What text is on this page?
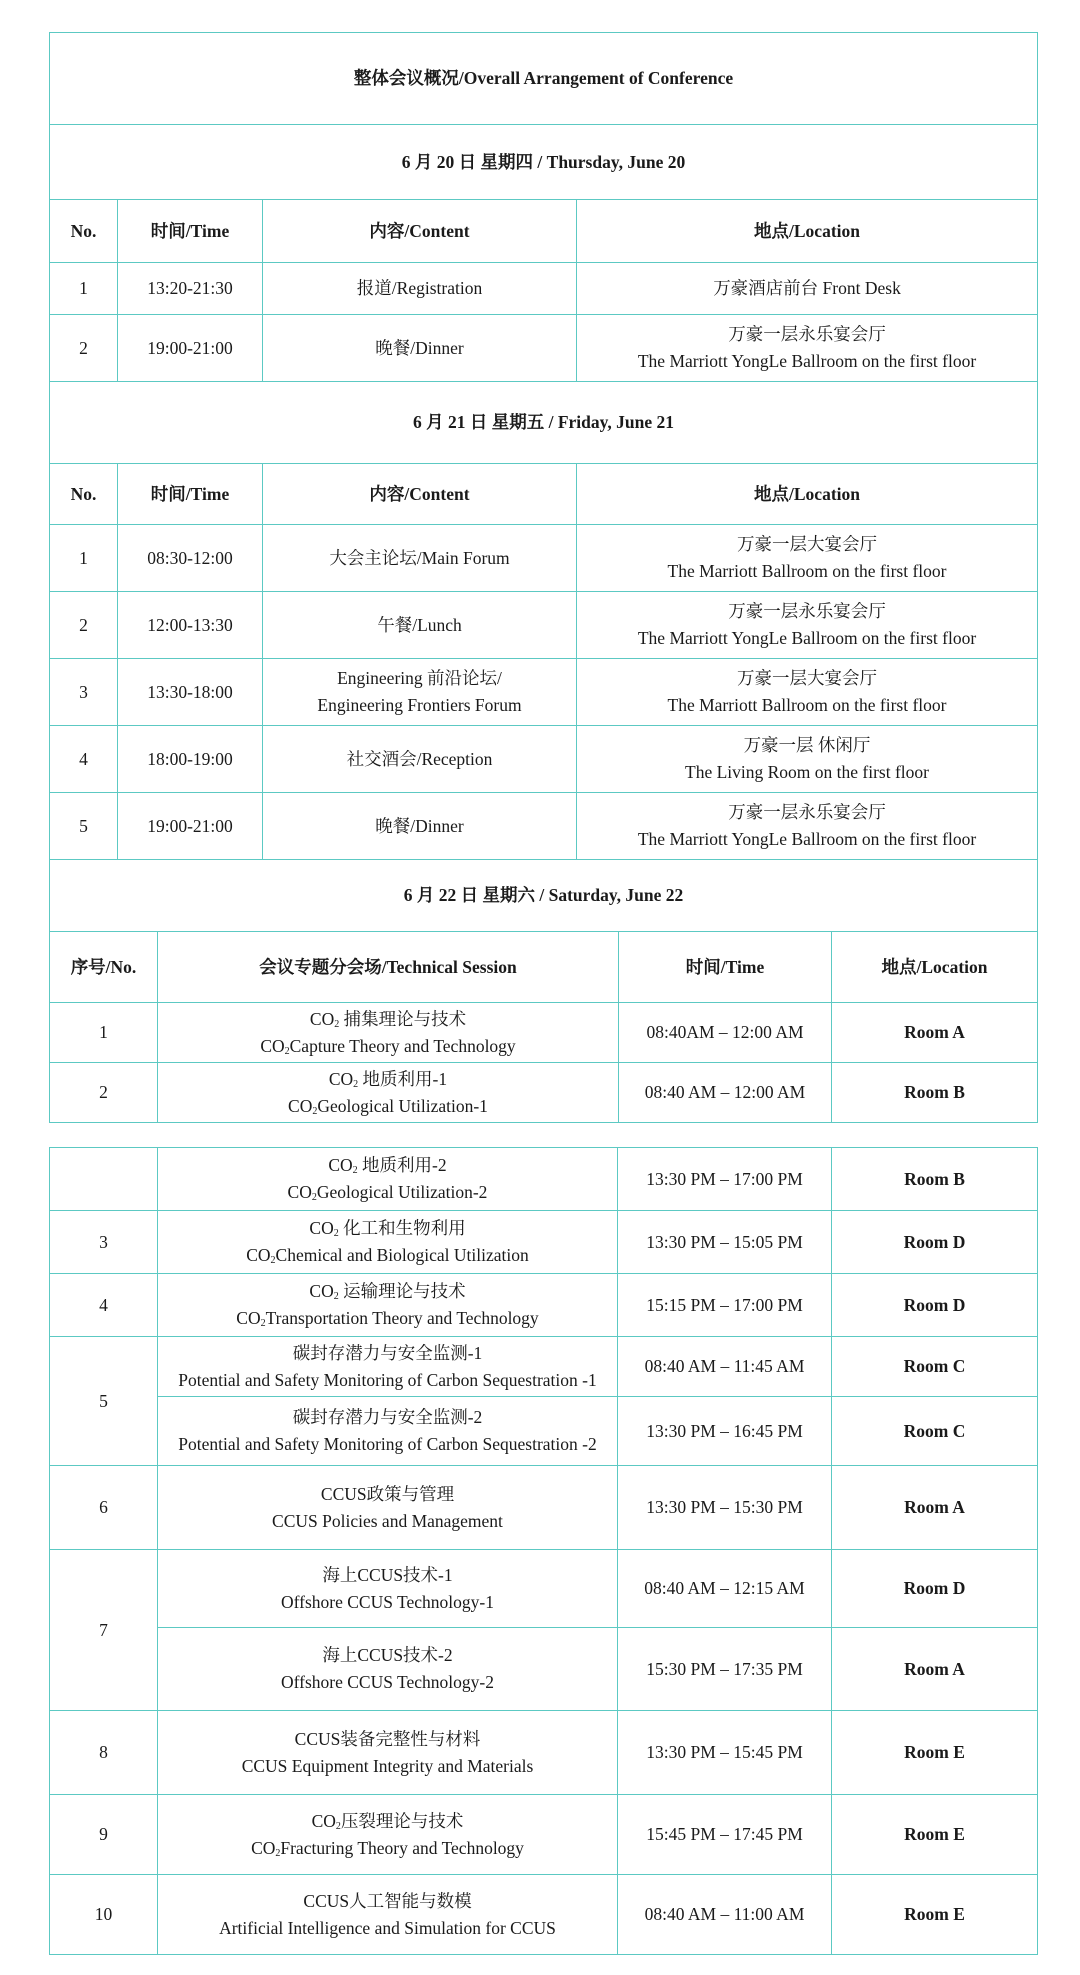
整体会议概况/Overall Arrangement of Conference						
6 月 20 日 星期四 / Thursday, June 20						
No.	时间/Time		内容/Content	地点/Location		
1	13:20-21:30		报道/Registration	万豪酒店前台 Front Desk		
2	19:00-21:00		晚餐/Dinner	万豪一层永乐宴会厅
The Marriott YongLe Ballroom on the first floor		

6 月 21 日 星期五 / Friday, June 21						
No.	时间/Time		内容/Content	地点/Location		
1	08:30-12:00		大会主论坛/Main Forum	万豪一层大宴会厅
The Marriott Ballroom on the first floor		

2	12:00-13:30		午餐/Lunch	万豪一层永乐宴会厅
The Marriott YongLe Ballroom on the first floor		

3	13:30-18:00		Engineering 前沿论坛/
Engineering Frontiers Forum	万豪一层大宴会厅
The Marriott Ballroom on the first floor		

4	18:00-19:00		社交酒会/Reception	万豪一层 休闲厅
The Living Room on the first floor		

5	19:00-21:00		晚餐/Dinner	万豪一层永乐宴会厅
The Marriott YongLe Ballroom on the first floor		

6 月 22 日 星期六 / Saturday, June 22						
序号/No.		会议专题分会场/Technical Session			时间/Time	地点/Location
1		$CO_2$ 捕集理论与技术
$CO_2Capture$ Theory and Technology			08:40AM – 12:00 AM	Room A
2		$CO_2$ 地质利用-1
$CO_2Geological$ Utilization-1			08:40 AM – 12:00 AM	Room B

	$CO_2$ 地质利用-2
$CO_2Geological$ Utilization-2	13:30 PM – 17:00 PM	Room B
3	$CO_2$ 化工和生物利用
$CO_2Chemical$ and Biological Utilization	13:30 PM – 15:05 PM	Room D
4	$CO_2$ 运输理论与技术
$CO_2Transportation$ Theory and Technology	15:15 PM – 17:00 PM	Room D
5	碳封存潜力与安全监测-1
Potential and Safety Monitoring of Carbon Sequestration -1	08:40 AM – 11:45 AM	Room C

	碳封存潜力与安全监测-2
Potential and Safety Monitoring of Carbon Sequestration -2	13:30 PM – 16:45 PM	Room C
6	CCUS政策与管理
CCUS Policies and Management	13:30 PM – 15:30 PM	Room A
7	海上CCUS技术-1
Offshore CCUS Technology-1	08:40 AM – 12:15 AM	Room D

	海上CCUS技术-2
Offshore CCUS Technology-2	15:30 PM – 17:35 PM	Room A
8	CCUS装备完整性与材料
CCUS Equipment Integrity and Materials	13:30 PM – 15:45 PM	Room E
9	$CO_2$压裂理论与技术
$CO_2Fracturing$ Theory and Technology	15:45 PM – 17:45 PM	Room E
10	CCUS人工智能与数模
Artificial Intelligence and Simulation for CCUS	08:40 AM – 11:00 AM	Room E
